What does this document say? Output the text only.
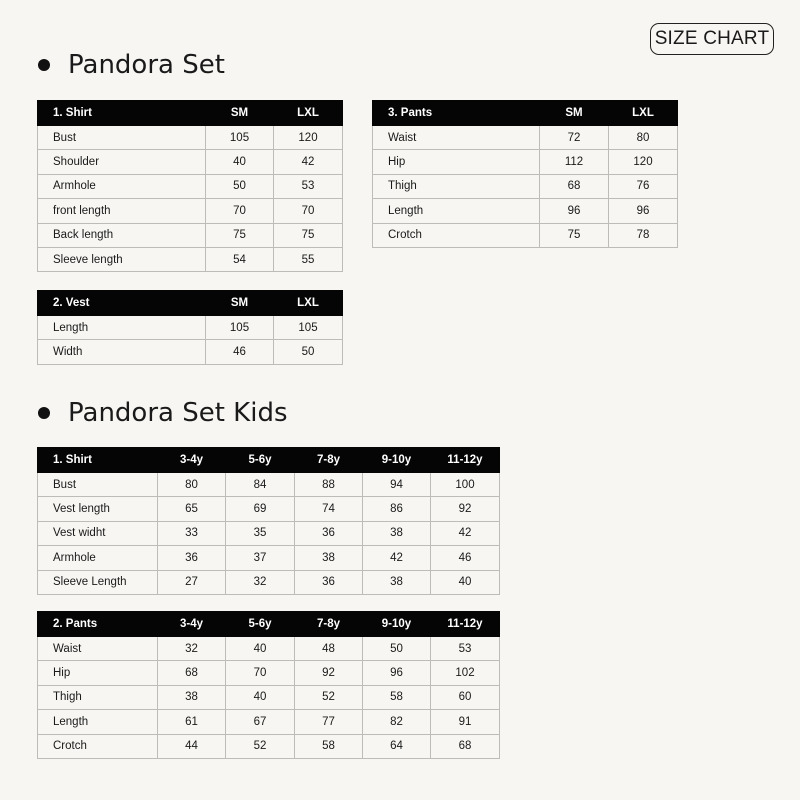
SIZE CHART
Pandora Set
1. Shirt	SM	LXL
Bust	105	120
Shoulder	40	42
Armhole	50	53
front length	70	70
Back length	75	75
Sleeve length	54	55
2. Vest	SM	LXL
Length	105	105
Width	46	50
3. Pants	SM	LXL
Waist	72	80
Hip	112	120
Thigh	68	76
Length	96	96
Crotch	75	78
Pandora Set Kids
1. Shirt	3-4y	5-6y	7-8y	9-10y	11-12y
Bust	80	84	88	94	100
Vest length	65	69	74	86	92
Vest widht	33	35	36	38	42
Armhole	36	37	38	42	46
Sleeve Length	27	32	36	38	40
2. Pants	3-4y	5-6y	7-8y	9-10y	11-12y
Waist	32	40	48	50	53
Hip	68	70	92	96	102
Thigh	38	40	52	58	60
Length	61	67	77	82	91
Crotch	44	52	58	64	68
